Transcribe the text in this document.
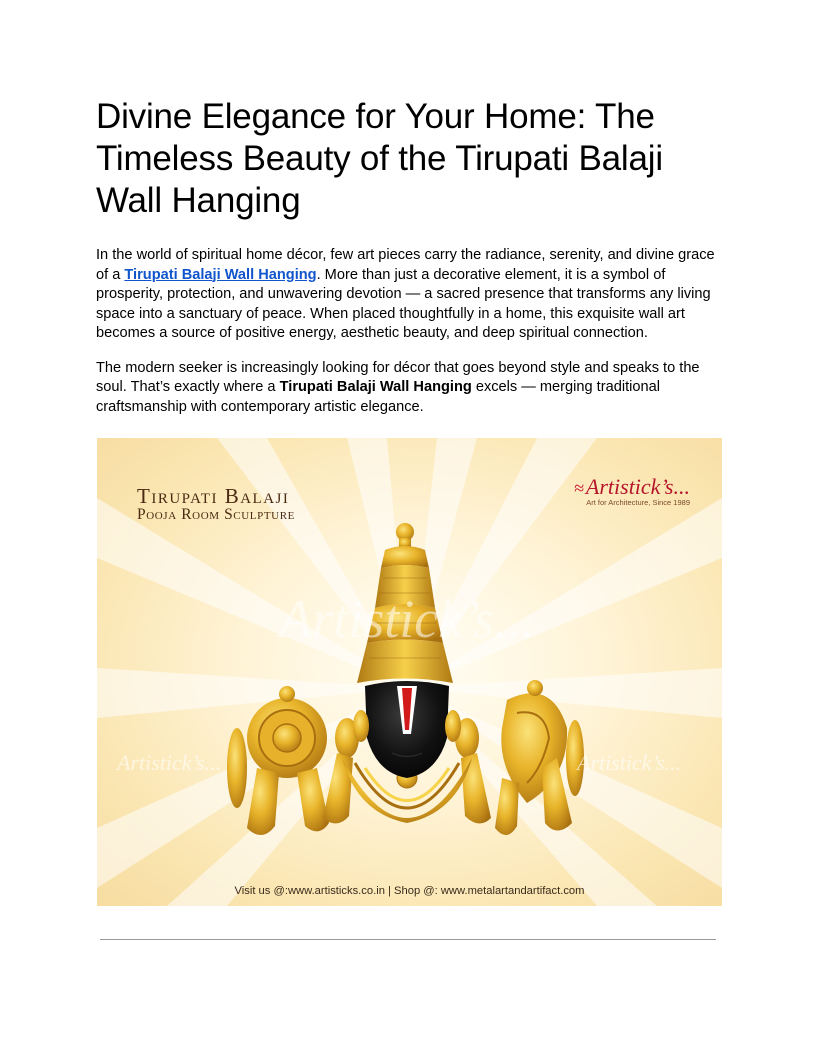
Divine Elegance for Your Home: The Timeless Beauty of the Tirupati Balaji Wall Hanging

In the world of spiritual home décor, few art pieces carry the radiance, serenity, and divine grace of a Tirupati Balaji Wall Hanging. More than just a decorative element, it is a symbol of prosperity, protection, and unwavering devotion — a sacred presence that transforms any living space into a sanctuary of peace. When placed thoughtfully in a home, this exquisite wall art becomes a source of positive energy, aesthetic beauty, and deep spiritual connection.

The modern seeker is increasingly looking for décor that goes beyond style and speaks to the soul. That’s exactly where a Tirupati Balaji Wall Hanging excels — merging traditional craftsmanship with contemporary artistic elegance.

Artistick’s...
Artistick’s...	Artistick’s...
Tirupati Balaji
Pooja Room Sculpture
≈Artistick’s...
Art for Architecture, Since 1989
Visit us @:www.artisticks.co.in | Shop @: www.metalartandartifact.com
